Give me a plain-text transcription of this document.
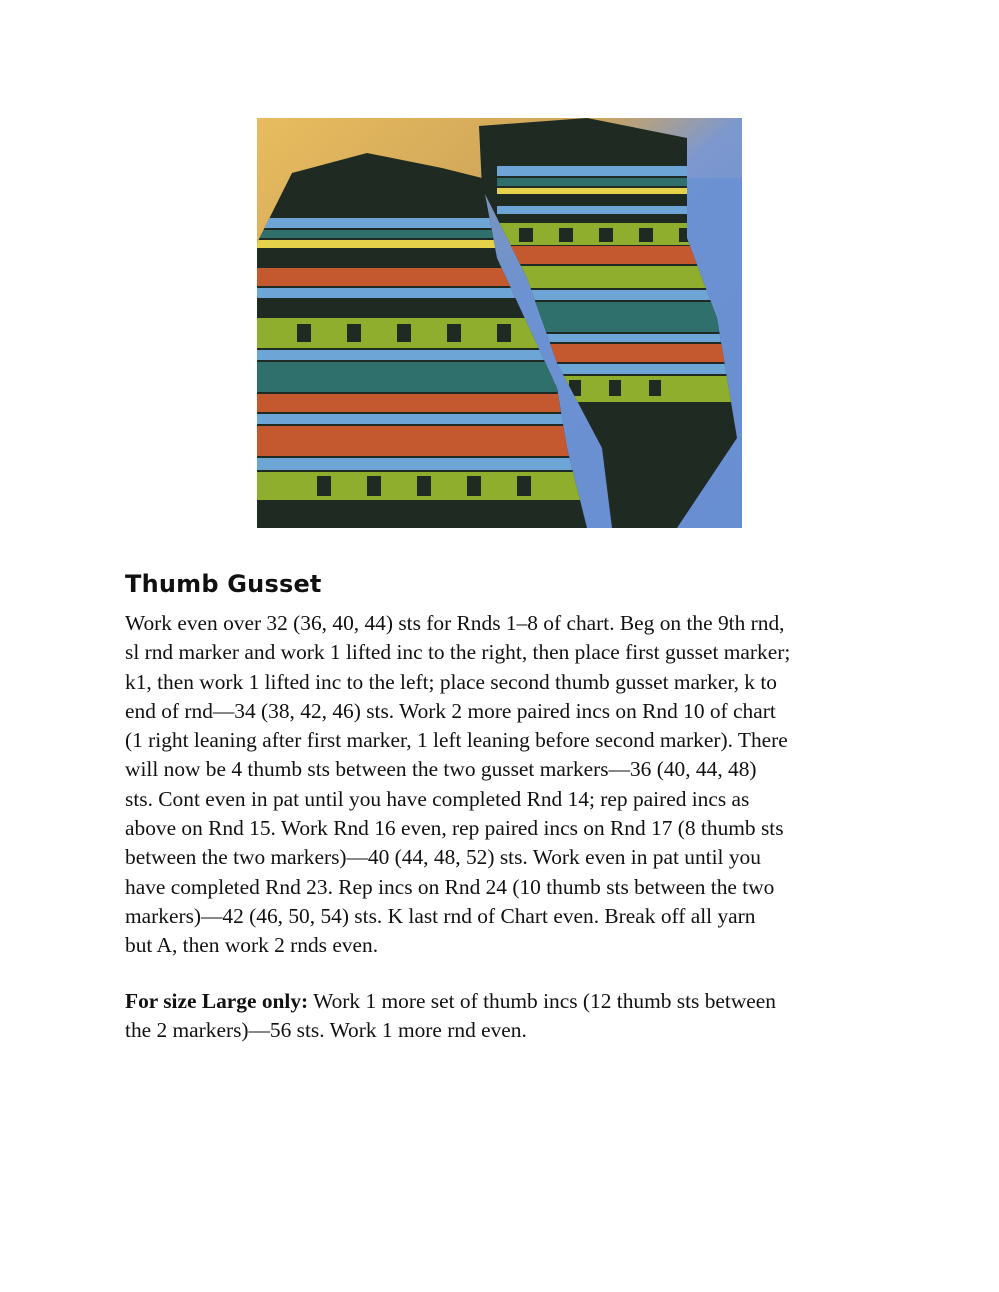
Thumb Gusset

Work even over 32 (36, 40, 44) sts for Rnds 1–8 of chart. Beg on the 9th rnd,
sl rnd marker and work 1 lifted inc to the right, then place first gusset marker;
k1, then work 1 lifted inc to the left; place second thumb gusset marker, k to
end of rnd—34 (38, 42, 46) sts. Work 2 more paired incs on Rnd 10 of chart
(1 right leaning after first marker, 1 left leaning before second marker). There
will now be 4 thumb sts between the two gusset markers—36 (40, 44, 48)
sts. Cont even in pat until you have completed Rnd 14; rep paired incs as
above on Rnd 15. Work Rnd 16 even, rep paired incs on Rnd 17 (8 thumb sts
between the two markers)—40 (44, 48, 52) sts. Work even in pat until you
have completed Rnd 23. Rep incs on Rnd 24 (10 thumb sts between the two
markers)—42 (46, 50, 54) sts. K last rnd of Chart even. Break off all yarn
but A, then work 2 rnds even.

For size Large only: Work 1 more set of thumb incs (12 thumb sts between
the 2 markers)—56 sts. Work 1 more rnd even.
